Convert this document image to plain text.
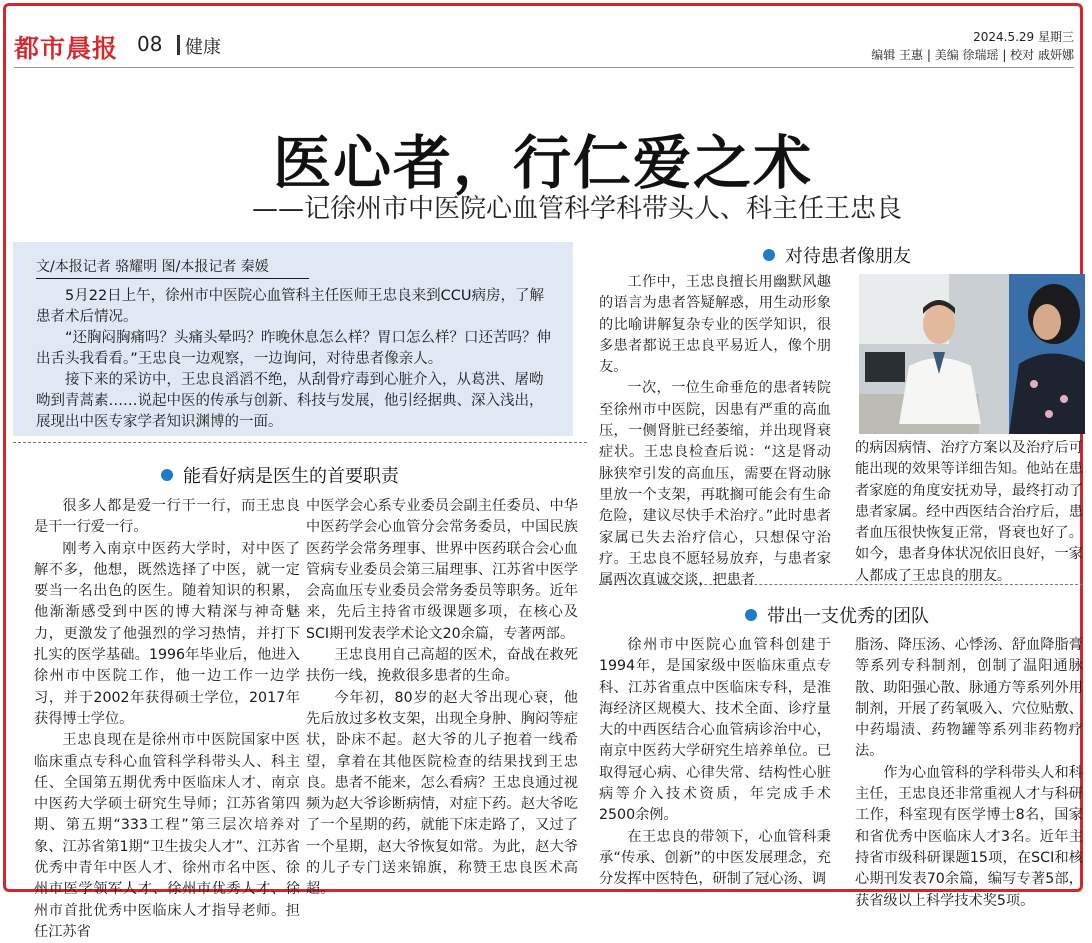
都市晨报 08 健康	2024.5.29 星期三
编辑 王惠 | 美编 徐瑞瑶 | 校对 戚妍娜
医心者，行仁爱之术
——记徐州市中医院心血管科学科带头人、科主任王忠良
文/本报记者 骆耀明 图/本报记者 秦媛

5月22日上午，徐州市中医院心血管科主任医师王忠良来到CCU病房，了解患者术后情况。

“还胸闷胸痛吗？头痛头晕吗？昨晚休息怎么样？胃口怎么样？口还苦吗？伸出舌头我看看。”王忠良一边观察，一边询问，对待患者像亲人。

接下来的采访中，王忠良滔滔不绝，从刮骨疗毒到心脏介入，从葛洪、屠呦呦到青蒿素……说起中医的传承与创新、科技与发展，他引经据典、深入浅出，展现出中医专家学者知识渊博的一面。

能看好病是医生的首要职责

很多人都是爱一行干一行，而王忠良是干一行爱一行。

刚考入南京中医药大学时，对中医了解不多，他想，既然选择了中医，就一定要当一名出色的医生。随着知识的积累，他渐渐感受到中医的博大精深与神奇魅力，更激发了他强烈的学习热情，并打下扎实的医学基础。1996年毕业后，他进入徐州市中医院工作，他一边工作一边学习，并于2002年获得硕士学位，2017年获得博士学位。

王忠良现在是徐州市中医院国家中医临床重点专科心血管科学科带头人、科主任、全国第五期优秀中医临床人才、南京中医药大学硕士研究生导师；江苏省第四期、第五期“333工程”第三层次培养对象、江苏省第1期“卫生拔尖人才”、江苏省优秀中青年中医人才、徐州市名中医、徐州市医学领军人才、徐州市优秀人才、徐州市首批优秀中医临床人才指导老师。担任江苏省

中医学会心系专业委员会副主任委员、中华中医药学会心血管分会常务委员，中国民族医药学会常务理事、世界中医药联合会心血管病专业委员会第三届理事、江苏省中医学会高血压专业委员会常务委员等职务。近年来，先后主持省市级课题多项，在核心及SCI期刊发表学术论文20余篇，专著两部。

王忠良用自己高超的医术，奋战在救死扶伤一线，挽救很多患者的生命。

今年初，80岁的赵大爷出现心衰，他先后放过多枚支架，出现全身肿、胸闷等症状，卧床不起。赵大爷的儿子抱着一线希望，拿着在其他医院检查的结果找到王忠良。患者不能来，怎么看病？王忠良通过视频为赵大爷诊断病情，对症下药。赵大爷吃了一个星期的药，就能下床走路了，又过了一个星期，赵大爷恢复如常。为此，赵大爷的儿子专门送来锦旗，称赞王忠良医术高超。

对待患者像朋友

工作中，王忠良擅长用幽默风趣的语言为患者答疑解惑，用生动形象的比喻讲解复杂专业的医学知识，很多患者都说王忠良平易近人，像个朋友。

一次，一位生命垂危的患者转院至徐州市中医院，因患有严重的高血压，一侧肾脏已经萎缩，并出现肾衰症状。王忠良检查后说：“这是肾动脉狭窄引发的高血压，需要在肾动脉里放一个支架，再耽搁可能会有生命危险，建议尽快手术治疗。”此时患者家属已失去治疗信心，只想保守治疗。王忠良不愿轻易放弃，与患者家属两次真诚交谈，把患者

的病因病情、治疗方案以及治疗后可能出现的效果等详细告知。他站在患者家庭的角度安抚劝导，最终打动了患者家属。经中西医结合治疗后，患者血压很快恢复正常，肾衰也好了。如今，患者身体状况依旧良好，一家人都成了王忠良的朋友。

带出一支优秀的团队

徐州市中医院心血管科创建于1994年，是国家级中医临床重点专科、江苏省重点中医临床专科，是淮海经济区规模大、技术全面、诊疗量大的中西医结合心血管病诊治中心，南京中医药大学研究生培养单位。已取得冠心病、心律失常、结构性心脏病等介入技术资质，年完成手术2500余例。

在王忠良的带领下，心血管科秉承“传承、创新”的中医发展理念，充分发挥中医特色，研制了冠心汤、调

脂汤、降压汤、心悸汤、舒血降脂膏等系列专科制剂，创制了温阳通脉散、助阳强心散、脉通方等系列外用制剂，开展了药氧吸入、穴位贴敷、中药塌渍、药物罐等系列非药物疗法。

作为心血管科的学科带头人和科主任，王忠良还非常重视人才与科研工作，科室现有医学博士8名，国家和省优秀中医临床人才3名。近年主持省市级科研课题15项，在SCI和核心期刊发表70余篇，编写专著5部，获省级以上科学技术奖5项。
